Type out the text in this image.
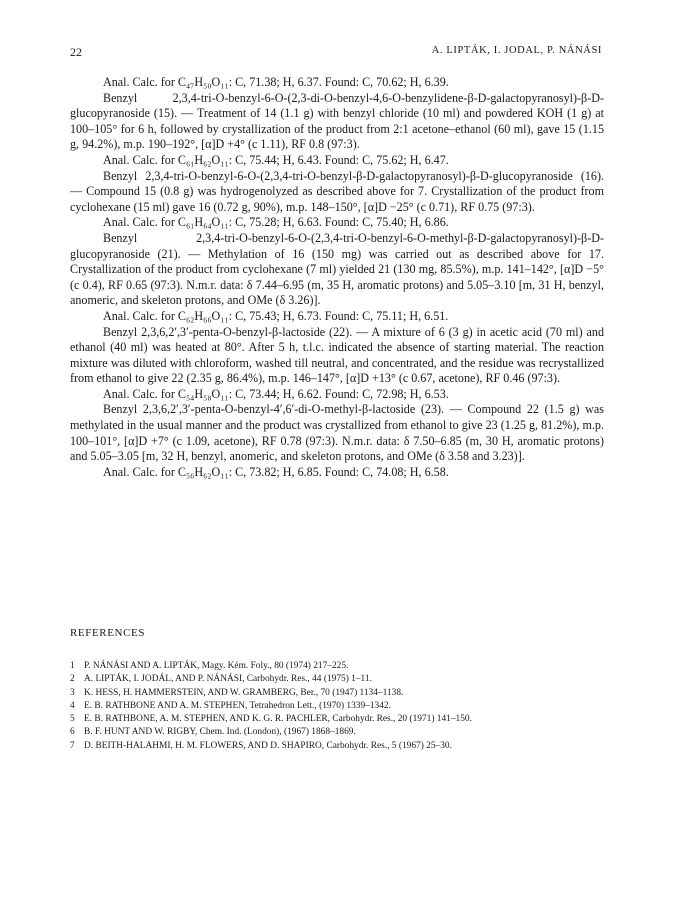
22	A. LIPTÁK, I. JODAL, P. NÁNÁSI

Anal. Calc. for C₄₇H₅₀O₁₁: C, 71.38; H, 6.37. Found: C, 70.62; H, 6.39.

Benzyl 2,3,4-tri-O-benzyl-6-O-(2,3-di-O-benzyl-4,6-O-benzylidene-β-D-galactopyranosyl)-β-D-glucopyranoside (15). — Treatment of 14 (1.1 g) with benzyl chloride (10 ml) and powdered KOH (1 g) at 100–105° for 6 h, followed by crystallization of the product from 2:1 acetone–ethanol (60 ml), gave 15 (1.15 g, 94.2%), m.p. 190–192°, [α]D +4° (c 1.11), RF 0.8 (97:3).

Anal. Calc. for C₆₁H₆₂O₁₁: C, 75.44; H, 6.43. Found: C, 75.62; H, 6.47.

Benzyl 2,3,4-tri-O-benzyl-6-O-(2,3,4-tri-O-benzyl-β-D-galactopyranosyl)-β-D-glucopyranoside (16). — Compound 15 (0.8 g) was hydrogenolyzed as described above for 7. Crystallization of the product from cyclohexane (15 ml) gave 16 (0.72 g, 90%), m.p. 148–150°, [α]D −25° (c 0.71), RF 0.75 (97:3).

Anal. Calc. for C₆₁H₆₄O₁₁: C, 75.28; H, 6.63. Found: C, 75.40; H, 6.86.

Benzyl 2,3,4-tri-O-benzyl-6-O-(2,3,4-tri-O-benzyl-6-O-methyl-β-D-galactopyranosyl)-β-D-glucopyranoside (21). — Methylation of 16 (150 mg) was carried out as described above for 17. Crystallization of the product from cyclohexane (7 ml) yielded 21 (130 mg, 85.5%), m.p. 141–142°, [α]D −5° (c 0.4), RF 0.65 (97:3). N.m.r. data: δ 7.44–6.95 (m, 35 H, aromatic protons) and 5.05–3.10 [m, 31 H, benzyl, anomeric, and skeleton protons, and OMe (δ 3.26)].

Anal. Calc. for C₆₂H₆₆O₁₁: C, 75.43; H, 6.73. Found: C, 75.11; H, 6.51.

Benzyl 2,3,6,2′,3′-penta-O-benzyl-β-lactoside (22). — A mixture of 6 (3 g) in acetic acid (70 ml) and ethanol (40 ml) was heated at 80°. After 5 h, t.l.c. indicated the absence of starting material. The reaction mixture was diluted with chloroform, washed till neutral, and concentrated, and the residue was recrystallized from ethanol to give 22 (2.35 g, 86.4%), m.p. 146–147°, [α]D +13° (c 0.67, acetone), RF 0.46 (97:3).

Anal. Calc. for C₅₄H₅₈O₁₁: C, 73.44; H, 6.62. Found: C, 72.98; H, 6.53.

Benzyl 2,3,6,2′,3′-penta-O-benzyl-4′,6′-di-O-methyl-β-lactoside (23). — Compound 22 (1.5 g) was methylated in the usual manner and the product was crystallized from ethanol to give 23 (1.25 g, 81.2%), m.p. 100–101°, [α]D +7° (c 1.09, acetone), RF 0.78 (97:3). N.m.r. data: δ 7.50–6.85 (m, 30 H, aromatic protons) and 5.05–3.05 [m, 32 H, benzyl, anomeric, and skeleton protons, and OMe (δ 3.58 and 3.23)].

Anal. Calc. for C₅₆H₆₂O₁₁: C, 73.82; H, 6.85. Found: C, 74.08; H, 6.58.

REFERENCES
1 P. NÁNÁSI AND A. LIPTÁK, Magy. Kém. Foly., 80 (1974) 217–225.
2 A. LIPTÁK, I. JODÁL, AND P. NÁNÁSI, Carbohydr. Res., 44 (1975) 1–11.
3 K. HESS, H. HAMMERSTEIN, AND W. GRAMBERG, Ber., 70 (1947) 1134–1138.
4 E. B. RATHBONE AND A. M. STEPHEN, Tetrahedron Lett., (1970) 1339–1342.
5 E. B. RATHBONE, A. M. STEPHEN, AND K. G. R. PACHLER, Carbohydr. Res., 20 (1971) 141–150.
6 B. F. HUNT AND W. RIGBY, Chem. Ind. (London), (1967) 1868–1869.
7 D. BEITH-HALAHMI, H. M. FLOWERS, AND D. SHAPIRO, Carbohydr. Res., 5 (1967) 25–30.
